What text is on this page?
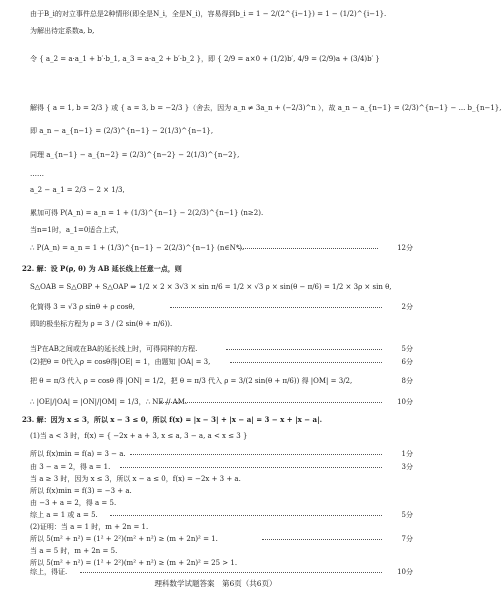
由于B_i的对立事件总是2种情形(即全是N_i，全是N_i)，容易得到b_i = 1 − 2/(2^{i−1}) = 1 − (1/2)^{i−1}.
为解出待定系数a, b,
令 { a_2 = a·a_1 + b′·b_1, a_3 = a·a_2 + b′·b_2 }，即 { 2/9 = a×0 + (1/2)b′, 4/9 = (2/9)a + (3/4)b′ }
解得 { a = 1, b = 2/3 } 或 { a = 3, b = −2/3 }（舍去，因为 a_n ≠ 3a_n + (−2/3)^n ），故 a_n − a_{n−1} = (2/3)^{n−1} − ... b_{n−1},
即 a_n − a_{n−1} = (2/3)^{n−1} − 2(1/3)^{n−1},
同理 a_{n−1} − a_{n−2} = (2/3)^{n−2} − 2(1/3)^{n−2},
……
a_2 − a_1 = 2/3 − 2 × 1/3,
累加可得 P(A_n) = a_n = 1 + (1/3)^{n−1} − 2(2/3)^{n−1} (n≥2).
当n=1时，a_1=0适合上式，
∴ P(A_n) = a_n = 1 + (1/3)^{n−1} − 2(2/3)^{n−1} (n∈N*).	12分
22. 解：设 P(ρ, θ) 为 AB 延长线上任意一点，则
S△OAB = S△OBP + S△OAP ⇒ 1/2 × 2 × 3√3 × sin π/6 = 1/2 × √3 ρ × sin(θ − π/6) = 1/2 × 3ρ × sin θ,
化简得 3 = √3 ρ sinθ + ρ cosθ,	2分
即l的极坐标方程为 ρ = 3 / (2 sin(θ + π/6)).
当P在AB之间或在BA的延长线上时，可得同样的方程.	5分
(2)把θ = 0代入ρ = cosθ得|OE| = 1，由题知 |OA| = 3,	6分
把 θ = π/3 代入 ρ = cosθ 得 |ON| = 1/2，把 θ = π/3 代入 ρ = 3/(2 sin(θ + π/6)) 得 |OM| = 3/2,	8分
∴ |OE|/|OA| = |ON|/|OM| = 1/3，∴ NE // AM.	10分
23. 解：因为 x ≤ 3，所以 x − 3 ≤ 0，所以 f(x) = |x − 3| + |x − a| = 3 − x + |x − a|.
(1)当 a < 3 时，f(x) = { −2x + a + 3, x ≤ a, 3 − a, a < x ≤ 3 }
所以 f(x)min = f(a) = 3 − a.	1分
由 3 − a = 2，得 a = 1.	3分
当 a ≥ 3 时，因为 x ≤ 3，所以 x − a ≤ 0，f(x) = −2x + 3 + a.
所以 f(x)min = f(3) = −3 + a.
由 −3 + a = 2，得 a = 5.
综上 a = 1 或 a = 5.	5分
(2)证明：当 a = 1 时，m + 2n = 1.
所以 5(m² + n²) = (1² + 2²)(m² + n²) ≥ (m + 2n)² = 1.	7分
当 a = 5 时，m + 2n = 5.
所以 5(m² + n²) = (1² + 2²)(m² + n²) ≥ (m + 2n)² = 25 > 1.
综上，得证.	10分
理科数学试题答案　第6页（共6页）
